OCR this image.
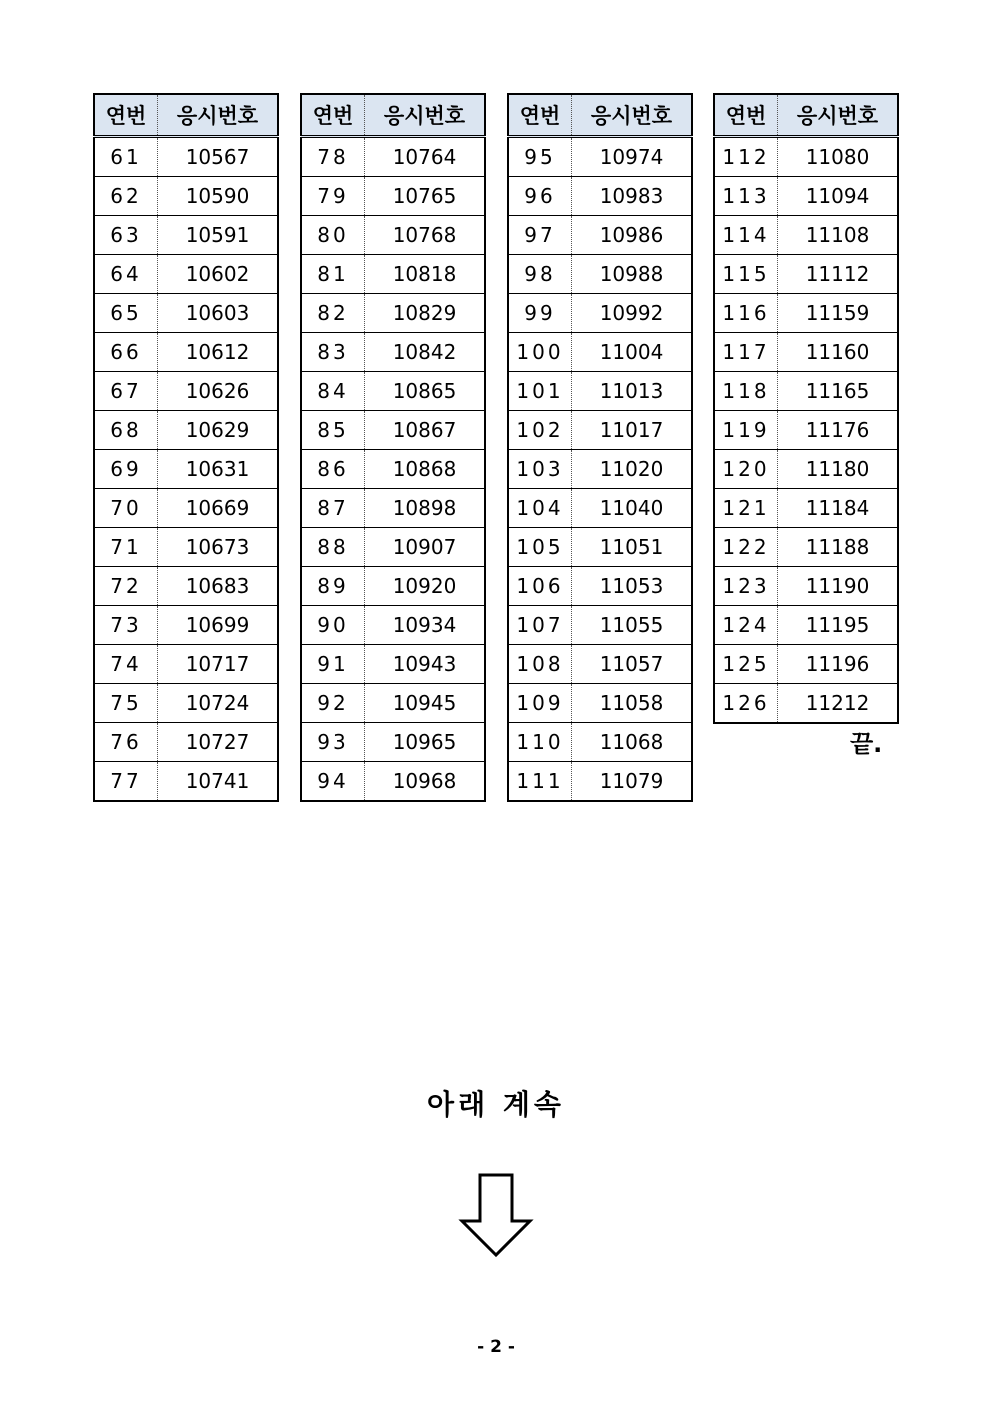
연번	응시번호
61	10567
62	10590
63	10591
64	10602
65	10603
66	10612
67	10626
68	10629
69	10631
70	10669
71	10673
72	10683
73	10699
74	10717
75	10724
76	10727
77	10741
연번	응시번호
78	10764
79	10765
80	10768
81	10818
82	10829
83	10842
84	10865
85	10867
86	10868
87	10898
88	10907
89	10920
90	10934
91	10943
92	10945
93	10965
94	10968
연번	응시번호
95	10974
96	10983
97	10986
98	10988
99	10992
100	11004
101	11013
102	11017
103	11020
104	11040
105	11051
106	11053
107	11055
108	11057
109	11058
110	11068
111	11079
연번	응시번호
112	11080
113	11094
114	11108
115	11112
116	11159
117	11160
118	11165
119	11176
120	11180
121	11184
122	11188
123	11190
124	11195
125	11196
126	11212
끝.
아래 계속
- 2 -
